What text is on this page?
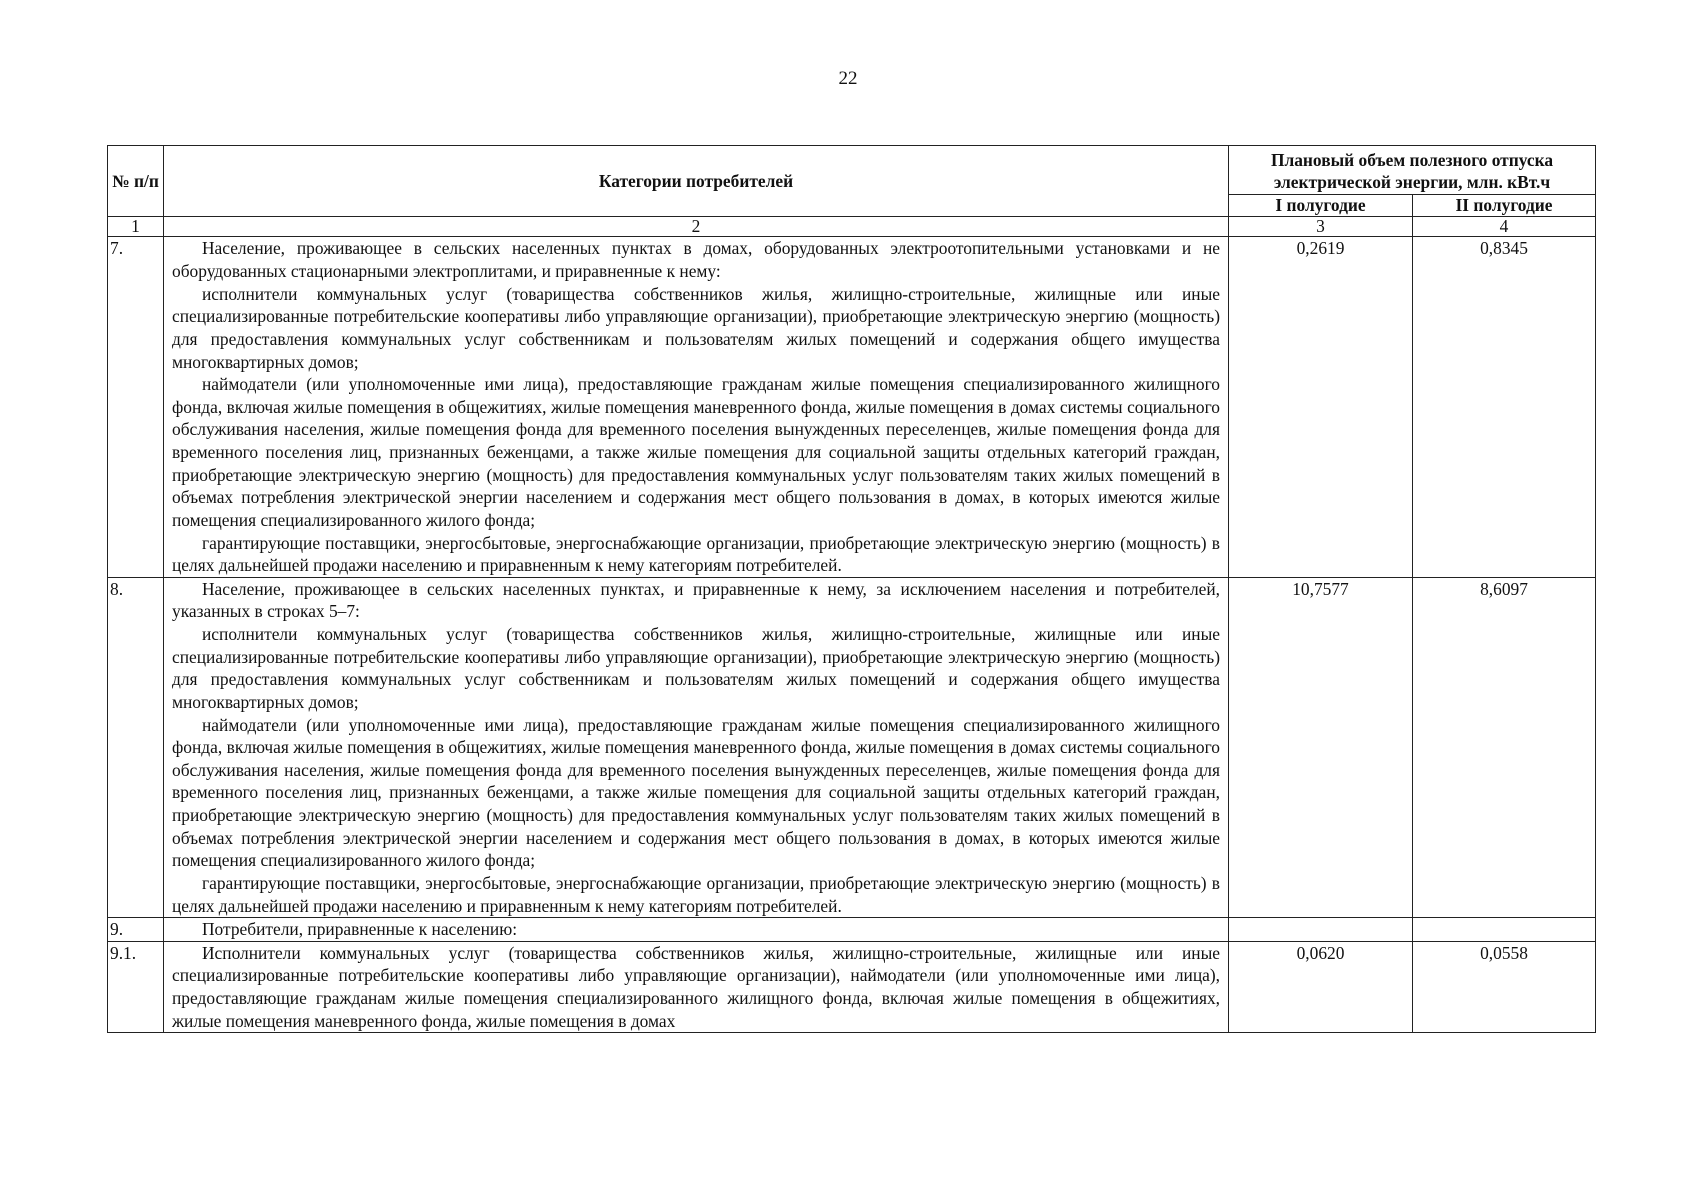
22
№ п/п	Категории потребителей	Плановый объем полезного отпуска электрической энергии, млн. кВт.ч	
		I полугодие	II полугодие
1	2	3	4
7.	Население, проживающее в сельских населенных пунктах в домах, оборудованных электроотопительными установками и не оборудованных стационарными электроплитами, и приравненные к нему:

исполнители коммунальных услуг (товарищества собственников жилья, жилищно-строительные, жилищные или иные специализированные потребительские кооперативы либо управляющие организации), приобретающие электрическую энергию (мощность) для предоставления коммунальных услуг собственникам и пользователям жилых помещений и содержания общего имущества многоквартирных домов;

наймодатели (или уполномоченные ими лица), предоставляющие гражданам жилые помещения специализированного жилищного фонда, включая жилые помещения в общежитиях, жилые помещения маневренного фонда, жилые помещения в домах системы социального обслуживания населения, жилые помещения фонда для временного поселения вынужденных переселенцев, жилые помещения фонда для временного поселения лиц, признанных беженцами, а также жилые помещения для социальной защиты отдельных категорий граждан, приобретающие электрическую энергию (мощность) для предоставления коммунальных услуг пользователям таких жилых помещений в объемах потребления электрической энергии населением и содержания мест общего пользования в домах, в которых имеются жилые помещения специализированного жилого фонда;

гарантирующие поставщики, энергосбытовые, энергоснабжающие организации, приобретающие электрическую энергию (мощность) в целях дальнейшей продажи населению и приравненным к нему категориям потребителей.	0,2619	0,8345
8.	Население, проживающее в сельских населенных пунктах, и приравненные к нему, за исключением населения и потребителей, указанных в строках 5–7:

исполнители коммунальных услуг (товарищества собственников жилья, жилищно-строительные, жилищные или иные специализированные потребительские кооперативы либо управляющие организации), приобретающие электрическую энергию (мощность) для предоставления коммунальных услуг собственникам и пользователям жилых помещений и содержания общего имущества многоквартирных домов;

наймодатели (или уполномоченные ими лица), предоставляющие гражданам жилые помещения специализированного жилищного фонда, включая жилые помещения в общежитиях, жилые помещения маневренного фонда, жилые помещения в домах системы социального обслуживания населения, жилые помещения фонда для временного поселения вынужденных переселенцев, жилые помещения фонда для временного поселения лиц, признанных беженцами, а также жилые помещения для социальной защиты отдельных категорий граждан, приобретающие электрическую энергию (мощность) для предоставления коммунальных услуг пользователям таких жилых помещений в объемах потребления электрической энергии населением и содержания мест общего пользования в домах, в которых имеются жилые помещения специализированного жилого фонда;

гарантирующие поставщики, энергосбытовые, энергоснабжающие организации, приобретающие электрическую энергию (мощность) в целях дальнейшей продажи населению и приравненным к нему категориям потребителей.	10,7577	8,6097
9.	Потребители, приравненные к населению:		

9.1.	Исполнители коммунальных услуг (товарищества собственников жилья, жилищно-строительные, жилищные или иные специализированные потребительские кооперативы либо управляющие организации), наймодатели (или уполномоченные ими лица), предоставляющие гражданам жилые помещения специализированного жилищного фонда, включая жилые помещения в общежитиях, жилые помещения маневренного фонда, жилые помещения в домах	0,0620	0,0558
